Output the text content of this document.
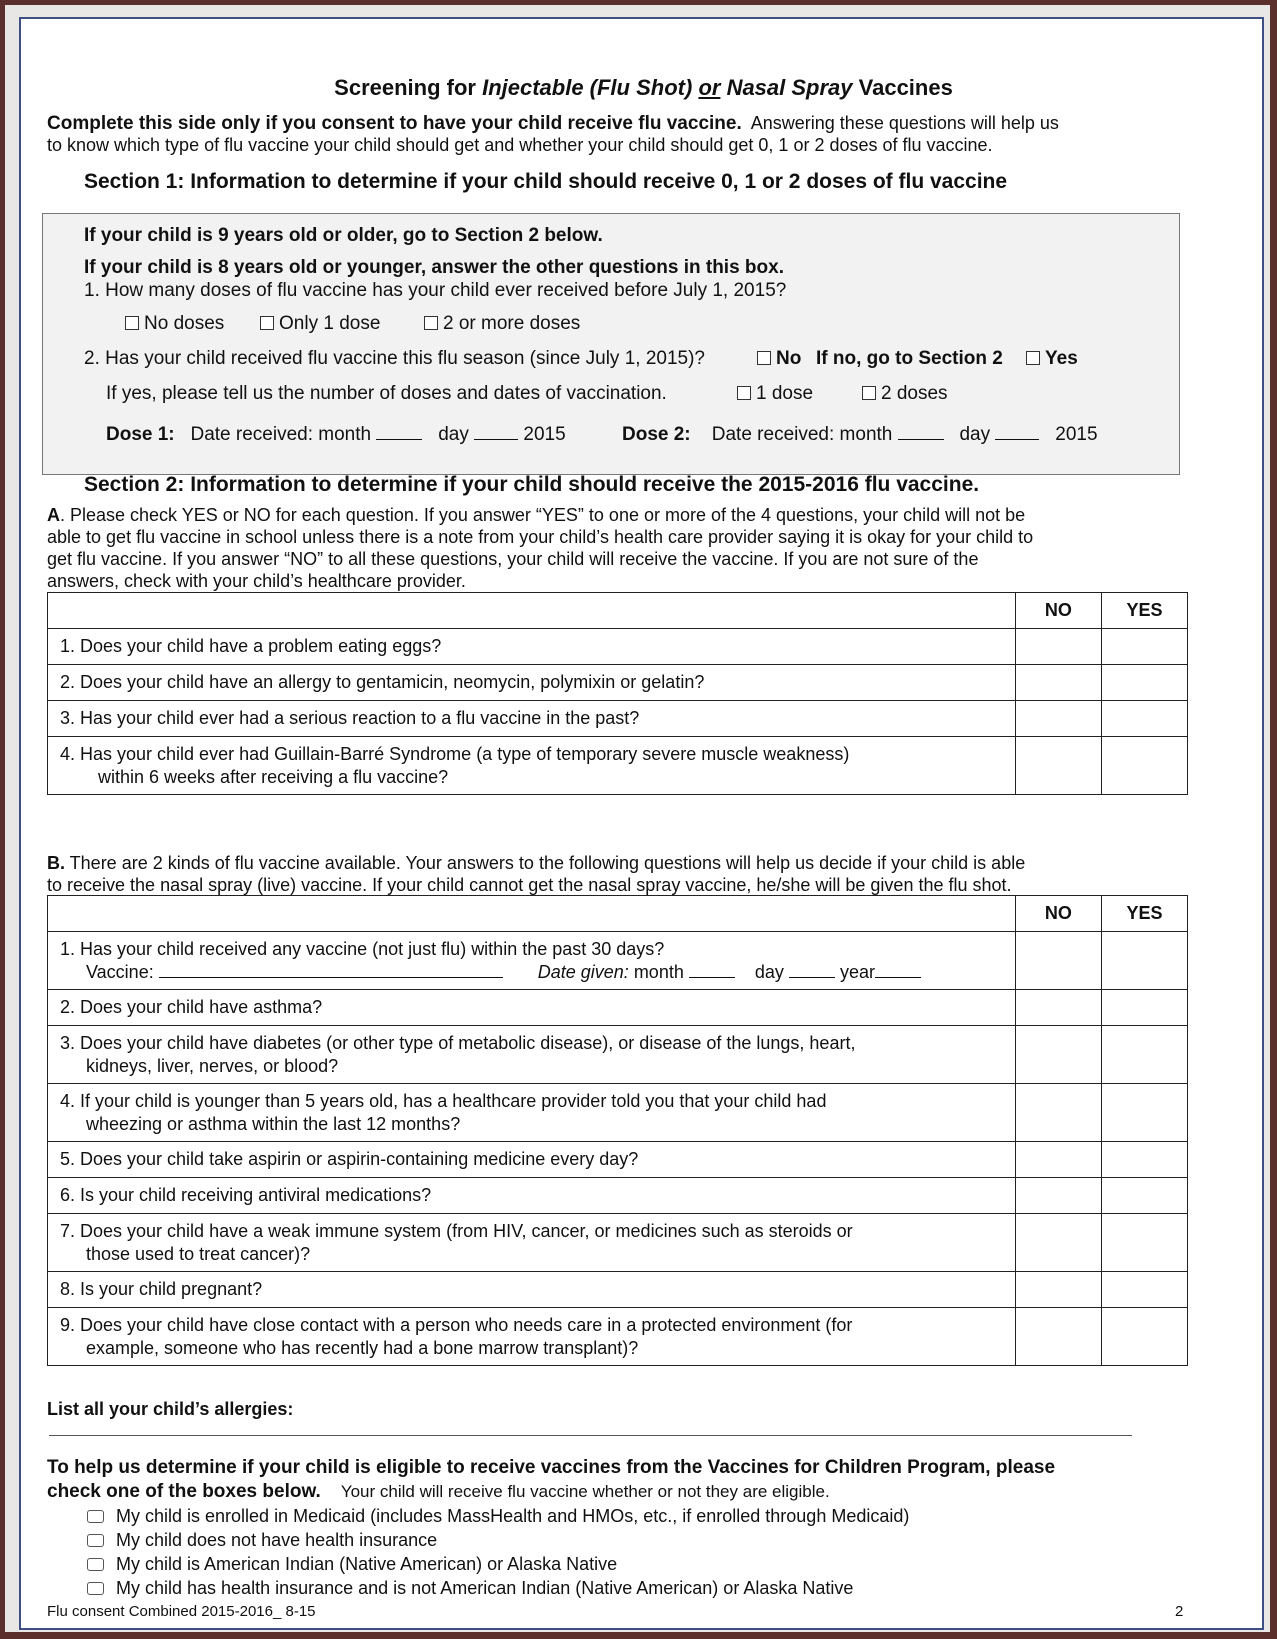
Screening for Injectable (Flu Shot) or Nasal Spray Vaccines
Complete this side only if you consent to have your child receive flu vaccine. Answering these questions will help us
to know which type of flu vaccine your child should get and whether your child should get 0, 1 or 2 doses of flu vaccine.
Section 1: Information to determine if your child should receive 0, 1 or 2 doses of flu vaccine
If your child is 9 years old or older, go to Section 2 below.
If your child is 8 years old or younger, answer the other questions in this box.
1. How many doses of flu vaccine has your child ever received before July 1, 2015?
No doses	Only 1 dose	2 or more doses
2. Has your child received flu vaccine this flu season (since July 1, 2015)?	No If no, go to Section 2	Yes
If yes, please tell us the number of doses and dates of vaccination.	1 dose	2 doses
Dose 1: Date received: month	day	2015	Dose 2: Date received: month	day	2015
Section 2: Information to determine if your child should receive the 2015-2016 flu vaccine.
A. Please check YES or NO for each question. If you answer “YES” to one or more of the 4 questions, your child will not be
able to get flu vaccine in school unless there is a note from your child’s health care provider saying it is okay for your child to
get flu vaccine. If you answer “NO” to all these questions, your child will receive the vaccine. If you are not sure of the
answers, check with your child’s healthcare provider.
	NO	YES
1. Does your child have a problem eating eggs?		
2. Does your child have an allergy to gentamicin, neomycin, polymixin or gelatin?		
3. Has your child ever had a serious reaction to a flu vaccine in the past?		
4. Has your child ever had Guillain-Barré Syndrome (a type of temporary severe muscle weakness)
within 6 weeks after receiving a flu vaccine?		

B. There are 2 kinds of flu vaccine available. Your answers to the following questions will help us decide if your child is able
to receive the nasal spray (live) vaccine. If your child cannot get the nasal spray vaccine, he/she will be given the flu shot.
	NO	YES
1. Has your child received any vaccine (not just flu) within the past 30 days?
Vaccine: Date given: month day year		

2. Does your child have asthma?		
3. Does your child have diabetes (or other type of metabolic disease), or disease of the lungs, heart,
kidneys, liver, nerves, or blood?		

4. If your child is younger than 5 years old, has a healthcare provider told you that your child had
wheezing or asthma within the last 12 months?		

5. Does your child take aspirin or aspirin-containing medicine every day?		
6. Is your child receiving antiviral medications?		
7. Does your child have a weak immune system (from HIV, cancer, or medicines such as steroids or
those used to treat cancer)?		

8. Is your child pregnant?		
9. Does your child have close contact with a person who needs care in a protected environment (for
example, someone who has recently had a bone marrow transplant)?		

List all your child’s allergies:
To help us determine if your child is eligible to receive vaccines from the Vaccines for Children Program, please
check one of the boxes below. Your child will receive flu vaccine whether or not they are eligible.
My child is enrolled in Medicaid (includes MassHealth and HMOs, etc., if enrolled through Medicaid)
My child does not have health insurance
My child is American Indian (Native American) or Alaska Native
My child has health insurance and is not American Indian (Native American) or Alaska Native
Flu consent Combined 2015-2016_ 8-15	2
